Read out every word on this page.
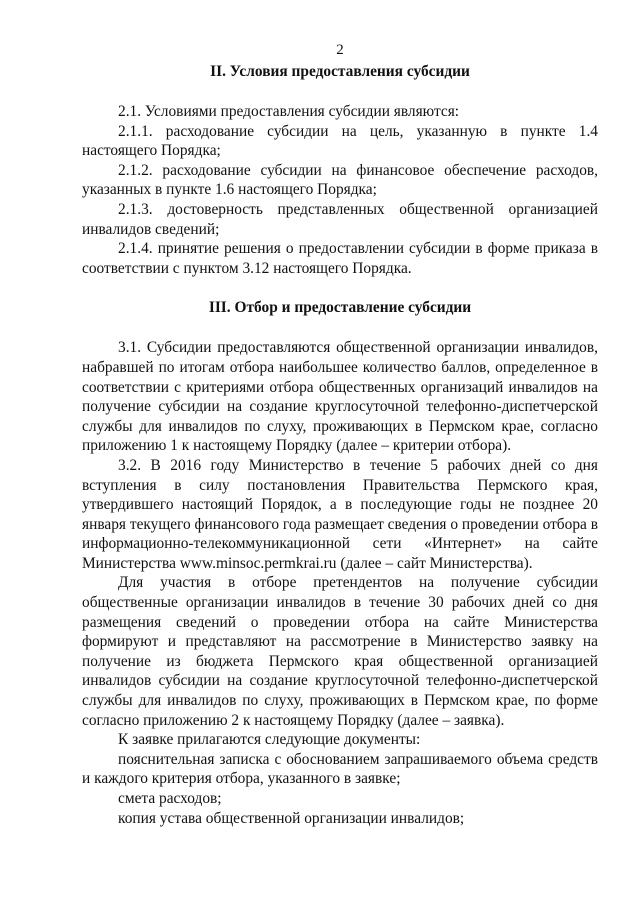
2
II. Условия предоставления субсидии

2.1. Условиями предоставления субсидии являются:

2.1.1. расходование субсидии на цель, указанную в пункте 1.4 настоящего Порядка;

2.1.2. расходование субсидии на финансовое обеспечение расходов, указанных в пункте 1.6 настоящего Порядка;

2.1.3. достоверность представленных общественной организацией инвалидов сведений;

2.1.4. принятие решения о предоставлении субсидии в форме приказа в соответствии с пунктом 3.12 настоящего Порядка.

III. Отбор и предоставление субсидии

3.1. Субсидии предоставляются общественной организации инвалидов, набравшей по итогам отбора наибольшее количество баллов, определенное в соответствии с критериями отбора общественных организаций инвалидов на получение субсидии на создание круглосуточной телефонно-диспетчерской службы для инвалидов по слуху, проживающих в Пермском крае, согласно приложению 1 к настоящему Порядку (далее – критерии отбора).

3.2. В 2016 году Министерство в течение 5 рабочих дней со дня вступления в силу постановления Правительства Пермского края, утвердившего настоящий Порядок, а в последующие годы не позднее 20 января текущего финансового года размещает сведения о проведении отбора в информационно-телекоммуникационной сети «Интернет» на сайте Министерства www.minsoc.permkrai.ru (далее – сайт Министерства).

Для участия в отборе претендентов на получение субсидии общественные организации инвалидов в течение 30 рабочих дней со дня размещения сведений о проведении отбора на сайте Министерства формируют и представляют на рассмотрение в Министерство заявку на получение из бюджета Пермского края общественной организацией инвалидов субсидии на создание круглосуточной телефонно-диспетчерской службы для инвалидов по слуху, проживающих в Пермском крае, по форме согласно приложению 2 к настоящему Порядку (далее – заявка).

К заявке прилагаются следующие документы:

пояснительная записка с обоснованием запрашиваемого объема средств и каждого критерия отбора, указанного в заявке;

смета расходов;

копия устава общественной организации инвалидов;
